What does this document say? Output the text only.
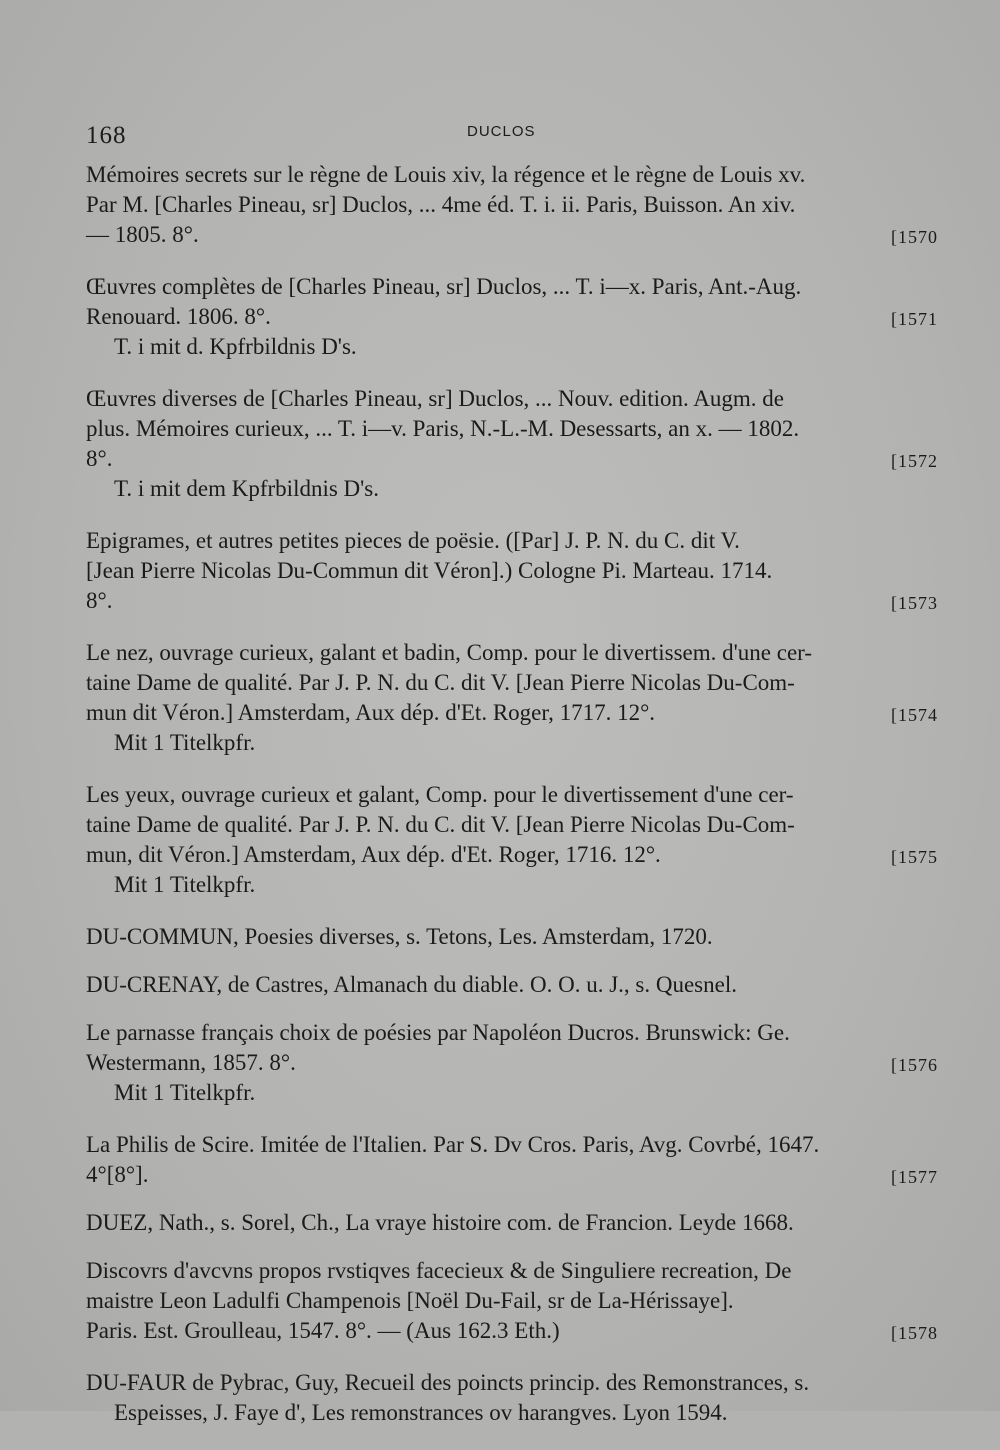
168	DUCLOS
Mémoires secrets sur le règne de Louis xiv, la régence et le règne de Louis xv.
Par M. [Charles Pineau, sr] Duclos, ... 4me éd. T. i. ii. Paris, Buisson. An xiv.
— 1805. 8°.	[1570
Œuvres complètes de [Charles Pineau, sr] Duclos, ... T. i—x. Paris, Ant.-Aug.
Renouard. 1806. 8°.	[1571
T. i mit d. Kpfrbildnis D's.
Œuvres diverses de [Charles Pineau, sr] Duclos, ... Nouv. edition. Augm. de
plus. Mémoires curieux, ... T. i—v. Paris, N.-L.-M. Desessarts, an x. — 1802.
8°.	[1572
T. i mit dem Kpfrbildnis D's.
Epigrames, et autres petites pieces de poësie. ([Par] J. P. N. du C. dit V.
[Jean Pierre Nicolas Du-Commun dit Véron].) Cologne Pi. Marteau. 1714.
8°.	[1573
Le nez, ouvrage curieux, galant et badin, Comp. pour le divertissem. d'une cer-
taine Dame de qualité. Par J. P. N. du C. dit V. [Jean Pierre Nicolas Du-Com-
mun dit Véron.] Amsterdam, Aux dép. d'Et. Roger, 1717. 12°.	[1574
Mit 1 Titelkpfr.
Les yeux, ouvrage curieux et galant, Comp. pour le divertissement d'une cer-
taine Dame de qualité. Par J. P. N. du C. dit V. [Jean Pierre Nicolas Du-Com-
mun, dit Véron.] Amsterdam, Aux dép. d'Et. Roger, 1716. 12°.	[1575
Mit 1 Titelkpfr.
DU-COMMUN, Poesies diverses, s. Tetons, Les. Amsterdam, 1720.
DU-CRENAY, de Castres, Almanach du diable. O. O. u. J., s. Quesnel.
Le parnasse français choix de poésies par Napoléon Ducros. Brunswick: Ge.
Westermann, 1857. 8°.	[1576
Mit 1 Titelkpfr.
La Philis de Scire. Imitée de l'Italien. Par S. Dv Cros. Paris, Avg. Covrbé, 1647.
4°[8°].	[1577
DUEZ, Nath., s. Sorel, Ch., La vraye histoire com. de Francion. Leyde 1668.
Discovrs d'avcvns propos rvstiqves facecieux & de Singuliere recreation, De
maistre Leon Ladulfi Champenois [Noël Du-Fail, sr de La-Hérissaye].
Paris. Est. Groulleau, 1547. 8°. — (Aus 162.3 Eth.)	[1578
DU-FAUR de Pybrac, Guy, Recueil des poincts princip. des Remonstrances, s.
Espeisses, J. Faye d', Les remonstrances ov harangves. Lyon 1594.
